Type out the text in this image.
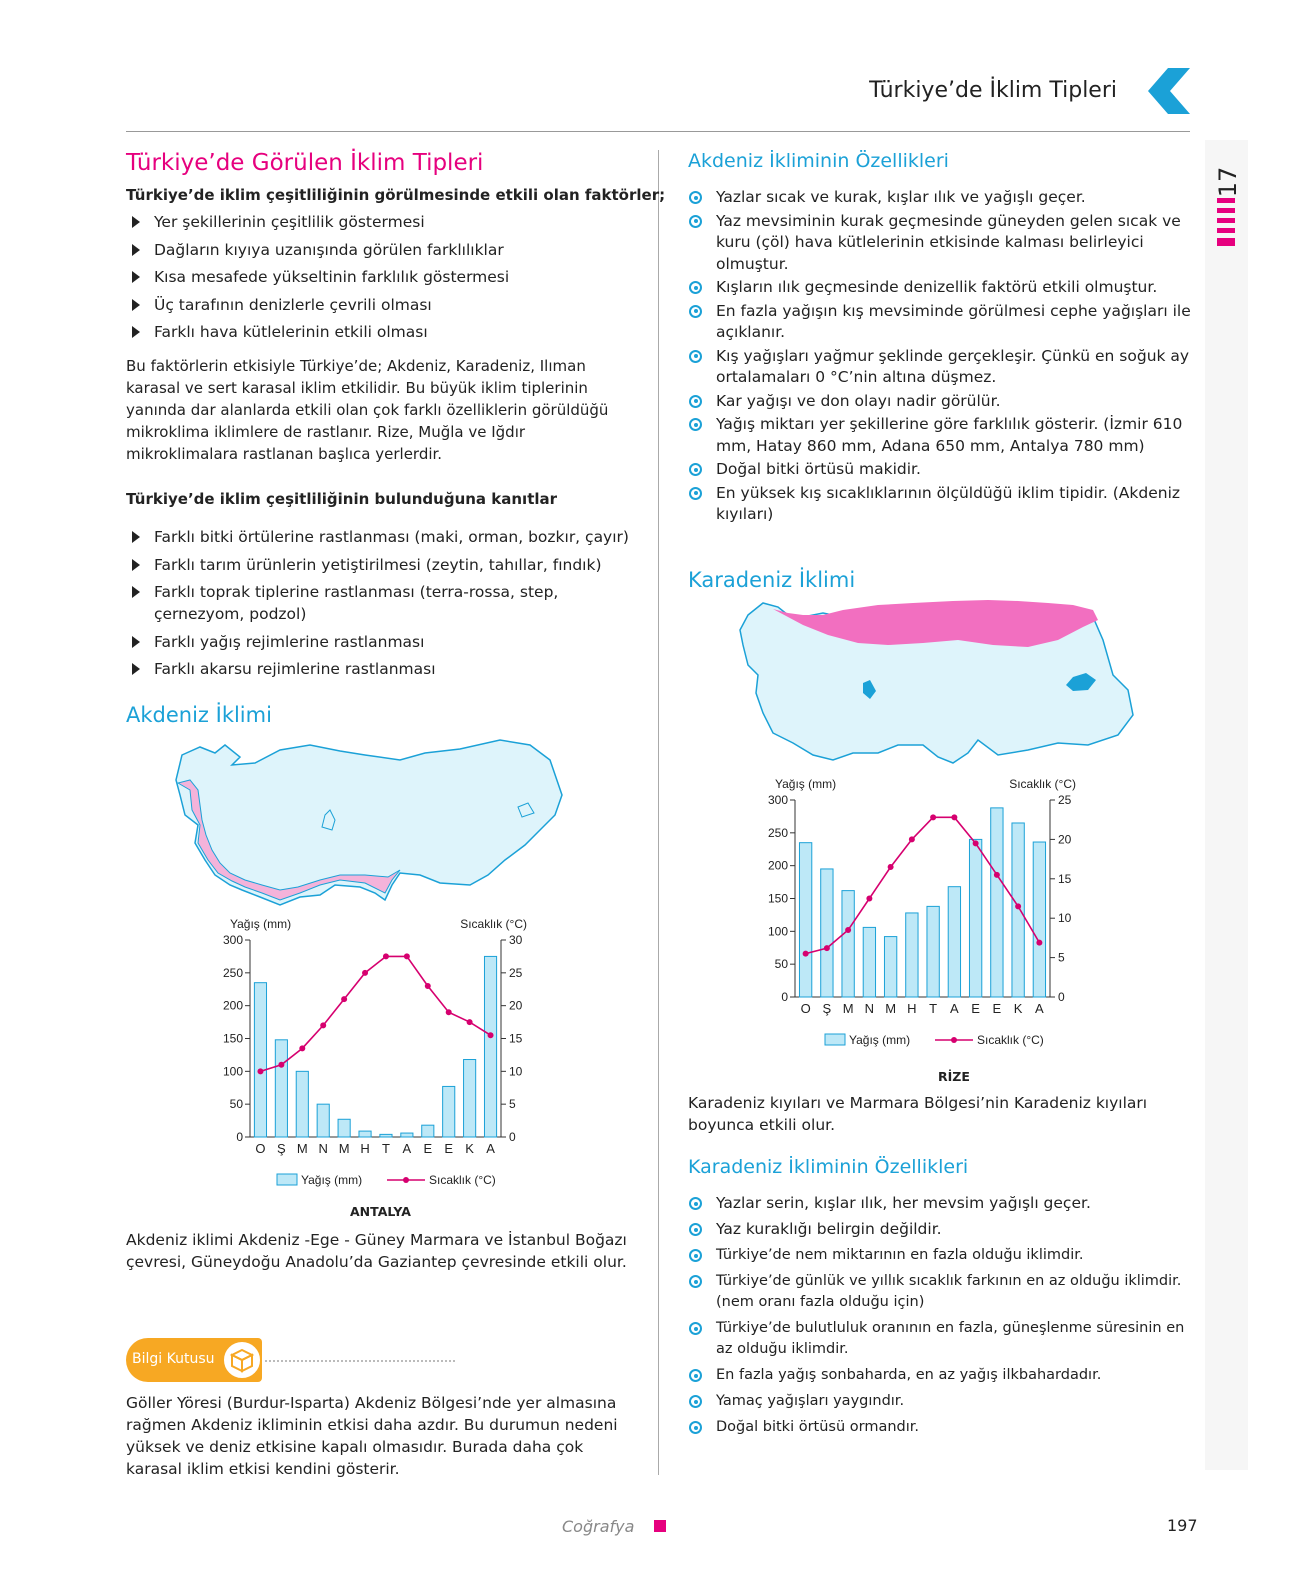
Türkiye’de İklim Tipleri
17
Türkiye’de Görülen İklim Tipleri
Türkiye’de iklim çeşitliliğinin görülmesinde etkili olan faktörler;
Yer şekillerinin çeşitlilik göstermesi
Dağların kıyıya uzanışında görülen farklılıklar
Kısa mesafede yükseltinin farklılık göstermesi
Üç tarafının denizlerle çevrili olması
Farklı hava kütlelerinin etkili olması
Bu faktörlerin etkisiyle Türkiye’de; Akdeniz, Karadeniz, Ilıman karasal ve sert karasal iklim etkilidir. Bu büyük iklim tiplerinin yanında dar alanlarda etkili olan çok farklı özelliklerin görüldüğü mikroklima iklimlere de rastlanır. Rize, Muğla ve Iğdır mikroklimalara rastlanan başlıca yerlerdir.
Türkiye’de iklim çeşitliliğinin bulunduğuna kanıtlar
Farklı bitki örtülerine rastlanması (maki, orman, bozkır, çayır)
Farklı tarım ürünlerin yetiştirilmesi (zeytin, tahıllar, fındık)
Farklı toprak tiplerine rastlanması (terra-rossa, step, çernezyom, podzol)
Farklı yağış rejimlerine rastlanması
Farklı akarsu rejimlerine rastlanması
Akdeniz İklimi
Yağış (mm)	Sıcaklık (°C)
0
50
100
150
200
250
300
0
5
10
15
20
25
30
O Ş M N M H T A E E K A
Yağış (mm)	Sıcaklık (°C)
ANTALYA
Akdeniz iklimi Akdeniz -Ege - Güney Marmara ve İstanbul Boğazı çevresi, Güneydoğu Anadolu’da Gaziantep çevresinde etkili olur.
Bilgi Kutusu
Göller Yöresi (Burdur-Isparta) Akdeniz Bölgesi’nde yer almasına rağmen Akdeniz ikliminin etkisi daha azdır. Bu durumun nedeni yüksek ve deniz etkisine kapalı olmasıdır. Burada daha çok karasal iklim etkisi kendini gösterir.
Akdeniz İkliminin Özellikleri
Yazlar sıcak ve kurak, kışlar ılık ve yağışlı geçer.
Yaz mevsiminin kurak geçmesinde güneyden gelen sıcak ve kuru (çöl) hava kütlelerinin etkisinde kalması belirleyici olmuştur.
Kışların ılık geçmesinde denizellik faktörü etkili olmuştur.
En fazla yağışın kış mevsiminde görülmesi cephe yağışları ile açıklanır.
Kış yağışları yağmur şeklinde gerçekleşir. Çünkü en soğuk ay ortalamaları 0 °C’nin altına düşmez.
Kar yağışı ve don olayı nadir görülür.
Yağış miktarı yer şekillerine göre farklılık gösterir. (İzmir 610 mm, Hatay 860 mm, Adana 650 mm, Antalya 780 mm)
Doğal bitki örtüsü makidir.
En yüksek kış sıcaklıklarının ölçüldüğü iklim tipidir. (Akdeniz kıyıları)
Karadeniz İklimi
Yağış (mm)	Sıcaklık (°C)
0
50
100
150
200
250
300
0
5
10
15
20
25
O Ş M N M H T A E E K A
Yağış (mm)	Sıcaklık (°C)
RİZE
Karadeniz kıyıları ve Marmara Bölgesi’nin Karadeniz kıyıları boyunca etkili olur.
Karadeniz İkliminin Özellikleri
Yazlar serin, kışlar ılık, her mevsim yağışlı geçer.
Yaz kuraklığı belirgin değildir.
Türkiye’de nem miktarının en fazla olduğu iklimdir.
Türkiye’de günlük ve yıllık sıcaklık farkının en az olduğu iklimdir. (nem oranı fazla olduğu için)
Türkiye’de bulutluluk oranının en fazla, güneşlenme süresinin en az olduğu iklimdir.
En fazla yağış sonbaharda, en az yağış ilkbahardadır.
Yamaç yağışları yaygındır.
Doğal bitki örtüsü ormandır.
Coğrafya	197
